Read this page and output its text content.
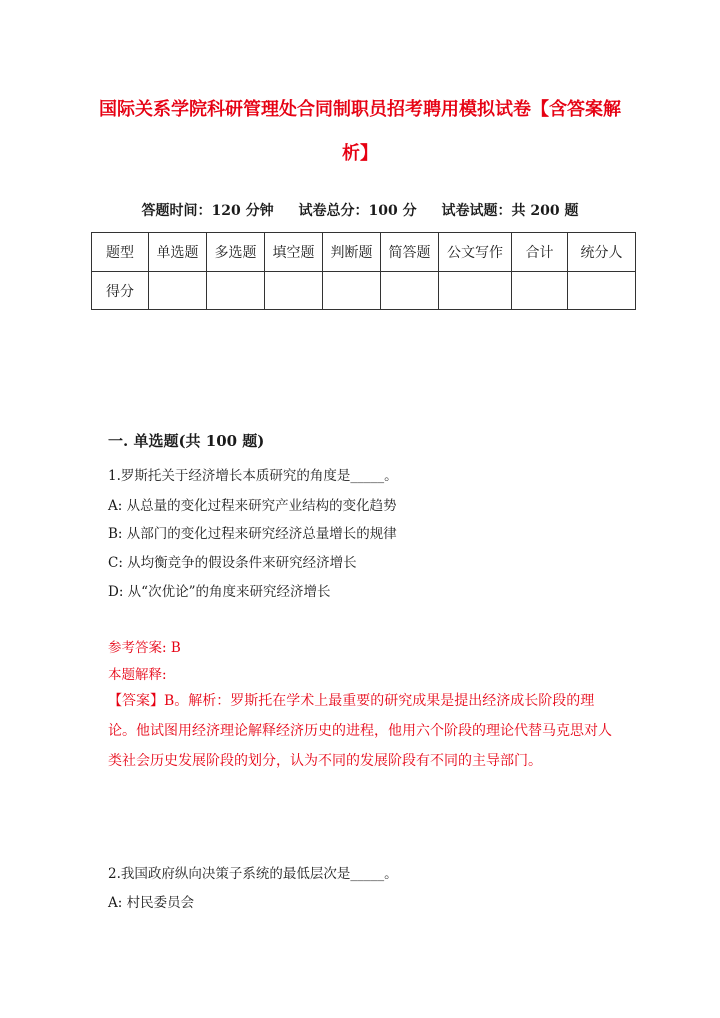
国际关系学院科研管理处合同制职员招考聘用模拟试卷【含答案解析】
答题时间：120 分钟 试卷总分：100 分 试卷试题：共 200 题
题型	单选题	多选题	填空题	判断题	简答题	公文写作	合计	统分人
得分								
一. 单选题(共 100 题)
1.罗斯托关于经济增长本质研究的角度是_____。
A: 从总量的变化过程来研究产业结构的变化趋势
B: 从部门的变化过程来研究经济总量增长的规律
C: 从均衡竞争的假设条件来研究经济增长
D: 从“次优论”的角度来研究经济增长
参考答案: B
本题解释:

【答案】B。解析：罗斯托在学术上最重要的研究成果是提出经济成长阶段的理论。他试图用经济理论解释经济历史的进程，他用六个阶段的理论代替马克思对人类社会历史发展阶段的划分，认为不同的发展阶段有不同的主导部门。

2.我国政府纵向决策子系统的最低层次是_____。
A: 村民委员会
